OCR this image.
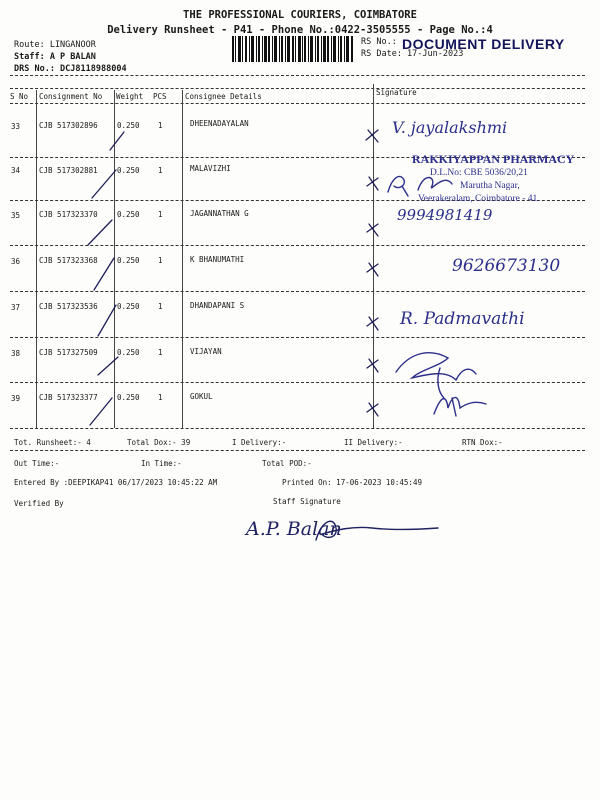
THE PROFESSIONAL COURIERS, COIMBATORE
Delivery Runsheet - P41 - Phone No.:0422-3505555 - Page No.:4
Route: LINGANOOR
Staff: A P BALAN
DRS No.: DCJ8118988004
RS No.:
RS Date: 17-Jun-2023
DOCUMENT DELIVERY
S No Consignment No Weight PCS Consignee Details	Signature
33	CJB 517302896	0.250 1	DHEENADAYALAN
34	CJB 517302881	0.250 1	MALAVIZHI
35	CJB 517323370	0.250 1	JAGANNATHAN G
36	CJB 517323368	0.250 1	K BHANUMATHI
37	CJB 517323536	0.250 1	DHANDAPANI S
38	CJB 517327509	0.250 1	VIJAYAN
39	CJB 517323377	0.250 1	GOKUL
RAKKIYAPPAN PHARMACY
D.L.No: CBE 5036/20,21
Marutha Nagar,
Veerakeralam, Coimbatore - 41.
V. jayalakshmi
9994981419
9626673130
R. Padmavathi
A.P. Balan
Tot. Runsheet:- 4	Total Dox:- 39	I Delivery:-	II Delivery:-	RTN Dox:-
Out Time:-	In Time:-	Total POD:-
Entered By :DEEPIKAP41 06/17/2023 10:45:22 AM	Printed On: 17-06-2023 10:45:49
Verified By	Staff Signature
